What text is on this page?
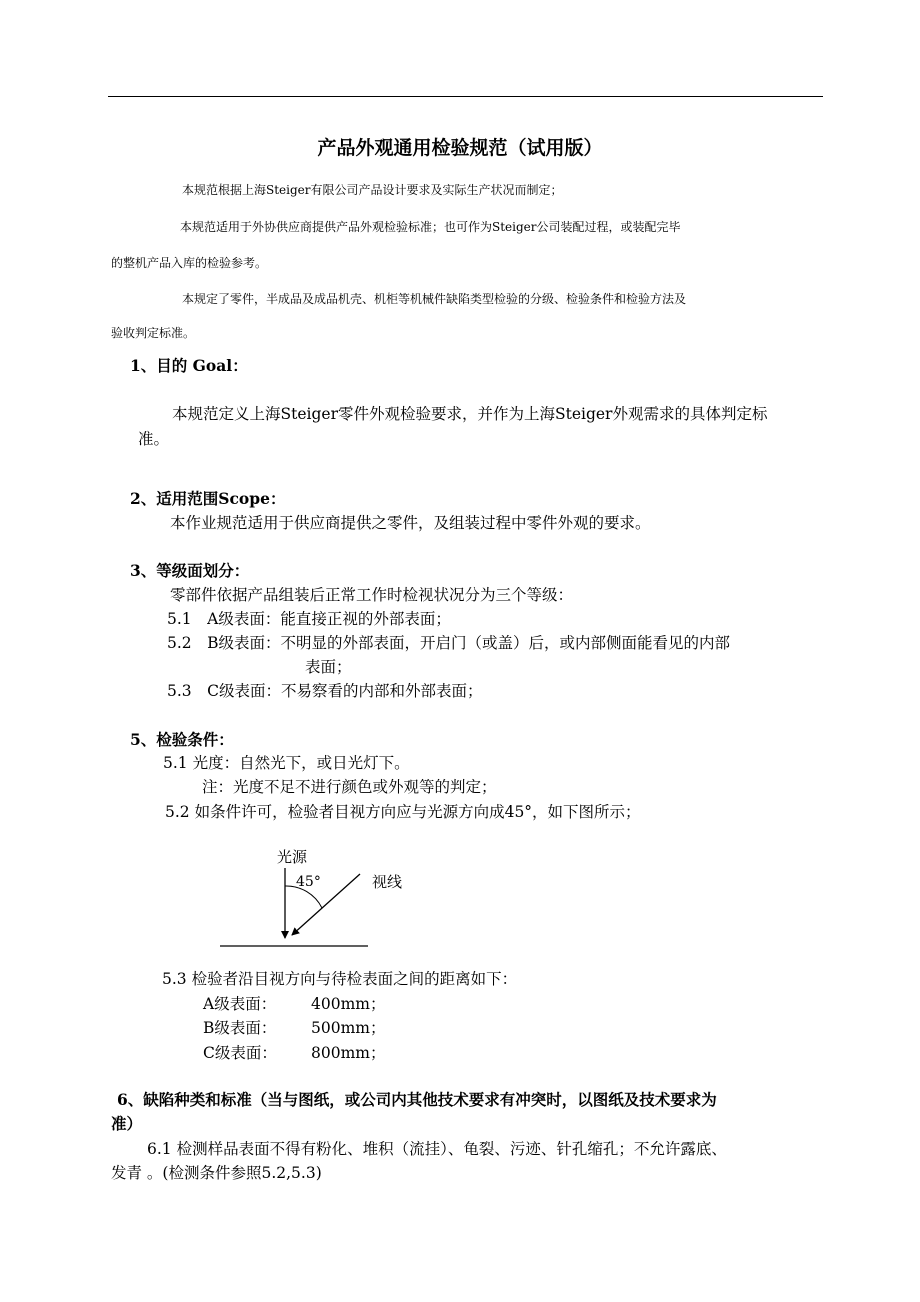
产品外观通用检验规范（试用版）
本规范根据上海Steiger有限公司产品设计要求及实际生产状况而制定；
本规范适用于外协供应商提供产品外观检验标准；也可作为Steiger公司装配过程，或装配完毕
的整机产品入库的检验参考。
本规定了零件，半成品及成品机壳、机柜等机械件缺陷类型检验的分级、检验条件和检验方法及
验收判定标准。
1、目的 Goal：
本规范定义上海Steiger零件外观检验要求，并作为上海Steiger外观需求的具体判定标
准。
2、适用范围Scope：
本作业规范适用于供应商提供之零件，及组装过程中零件外观的要求。
3、等级面划分：
零部件依据产品组装后正常工作时检视状况分为三个等级：
5.1　A级表面：能直接正视的外部表面；
5.2　B级表面：不明显的外部表面，开启门（或盖）后，或内部侧面能看见的内部
表面；
5.3　C级表面：不易察看的内部和外部表面；
5、检验条件：
5.1 光度：自然光下，或日光灯下。
注：光度不足不进行颜色或外观等的判定；
5.2 如条件许可，检验者目视方向应与光源方向成45°，如下图所示；
光源
45°	视线
5.3 检验者沿目视方向与待检表面之间的距离如下：
A级表面： 400mm；
B级表面： 500mm；
C级表面： 800mm；
6、缺陷种类和标准（当与图纸，或公司内其他技术要求有冲突时，以图纸及技术要求为
准）
6.1 检测样品表面不得有粉化、堆积（流挂）、龟裂、污迹、针孔缩孔；不允许露底、
发青 。(检测条件参照5.2,5.3)
